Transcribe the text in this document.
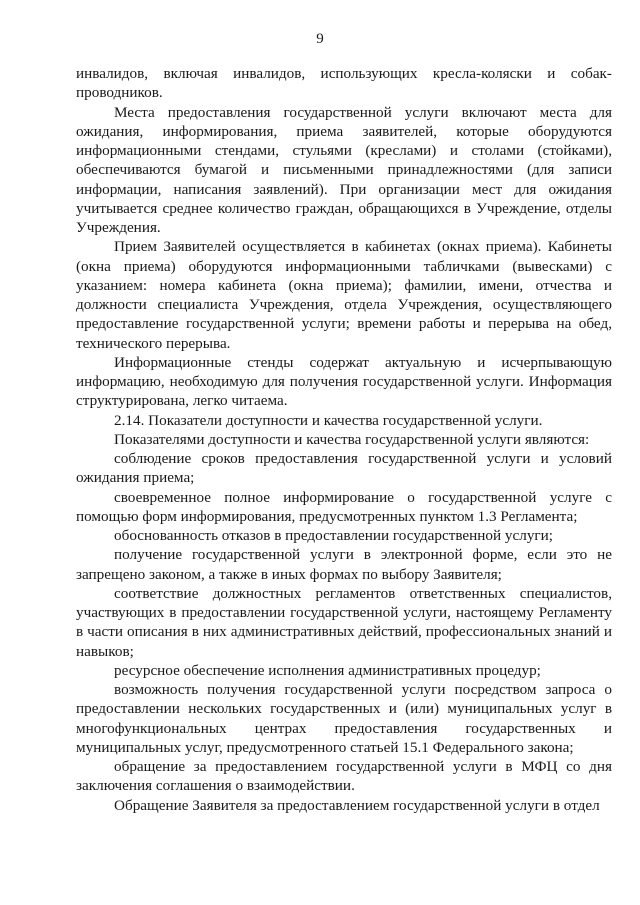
9

инвалидов, включая инвалидов, использующих кресла-коляски и собак-проводников.

Места предоставления государственной услуги включают места для ожидания, информирования, приема заявителей, которые оборудуются информационными стендами, стульями (креслами) и столами (стойками), обеспечиваются бумагой и письменными принадлежностями (для записи информации, написания заявлений). При организации мест для ожидания учитывается среднее количество граждан, обращающихся в Учреждение, отделы Учреждения.

Прием Заявителей осуществляется в кабинетах (окнах приема). Кабинеты (окна приема) оборудуются информационными табличками (вывесками) с указанием: номера кабинета (окна приема); фамилии, имени, отчества и должности специалиста Учреждения, отдела Учреждения, осуществляющего предоставление государственной услуги; времени работы и перерыва на обед, технического перерыва.

Информационные стенды содержат актуальную и исчерпывающую информацию, необходимую для получения государственной услуги. Информация структурирована, легко читаема.

2.14. Показатели доступности и качества государственной услуги.

Показателями доступности и качества государственной услуги являются:

соблюдение сроков предоставления государственной услуги и условий ожидания приема;

своевременное полное информирование о государственной услуге с помощью форм информирования, предусмотренных пунктом 1.3 Регламента;

обоснованность отказов в предоставлении государственной услуги;

получение государственной услуги в электронной форме, если это не запрещено законом, а также в иных формах по выбору Заявителя;

соответствие должностных регламентов ответственных специалистов, участвующих в предоставлении государственной услуги, настоящему Регламенту в части описания в них административных действий, профессиональных знаний и навыков;

ресурсное обеспечение исполнения административных процедур;

возможность получения государственной услуги посредством запроса о предоставлении нескольких государственных и (или) муниципальных услуг в многофункциональных центрах предоставления государственных и муниципальных услуг, предусмотренного статьей 15.1 Федерального закона;

обращение за предоставлением государственной услуги в МФЦ со дня заключения соглашения о взаимодействии.

Обращение Заявителя за предоставлением государственной услуги в отдел
